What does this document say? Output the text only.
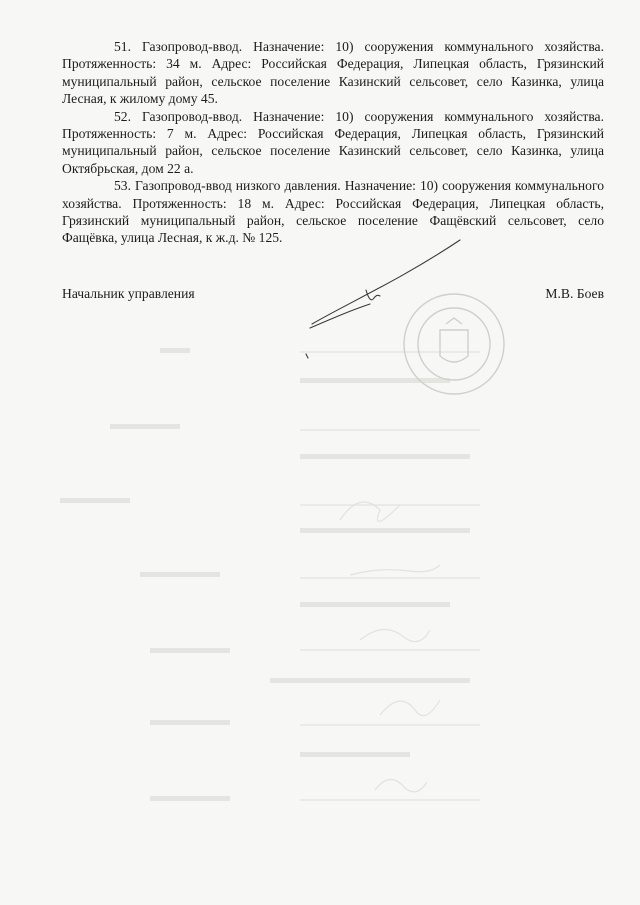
51. Газопровод-ввод. Назначение: 10) сооружения коммунального хозяйства. Протяженность: 34 м. Адрес: Российская Федерация, Липецкая область, Грязинский муниципальный район, сельское поселение Казинский сельсовет, село Казинка, улица Лесная, к жилому дому 45.

52. Газопровод-ввод. Назначение: 10) сооружения коммунального хозяйства. Протяженность: 7 м. Адрес: Российская Федерация, Липецкая область, Грязинский муниципальный район, сельское поселение Казинский сельсовет, село Казинка, улица Октябрьская, дом 22 а.

53. Газопровод-ввод низкого давления. Назначение: 10) сооружения коммунального хозяйства. Протяженность: 18 м. Адрес: Российская Федерация, Липецкая область, Грязинский муниципальный район, сельское поселение Фащёвский сельсовет, село Фащёвка, улица Лесная, к ж.д. № 125.

Начальник управления	М.В. Боев
